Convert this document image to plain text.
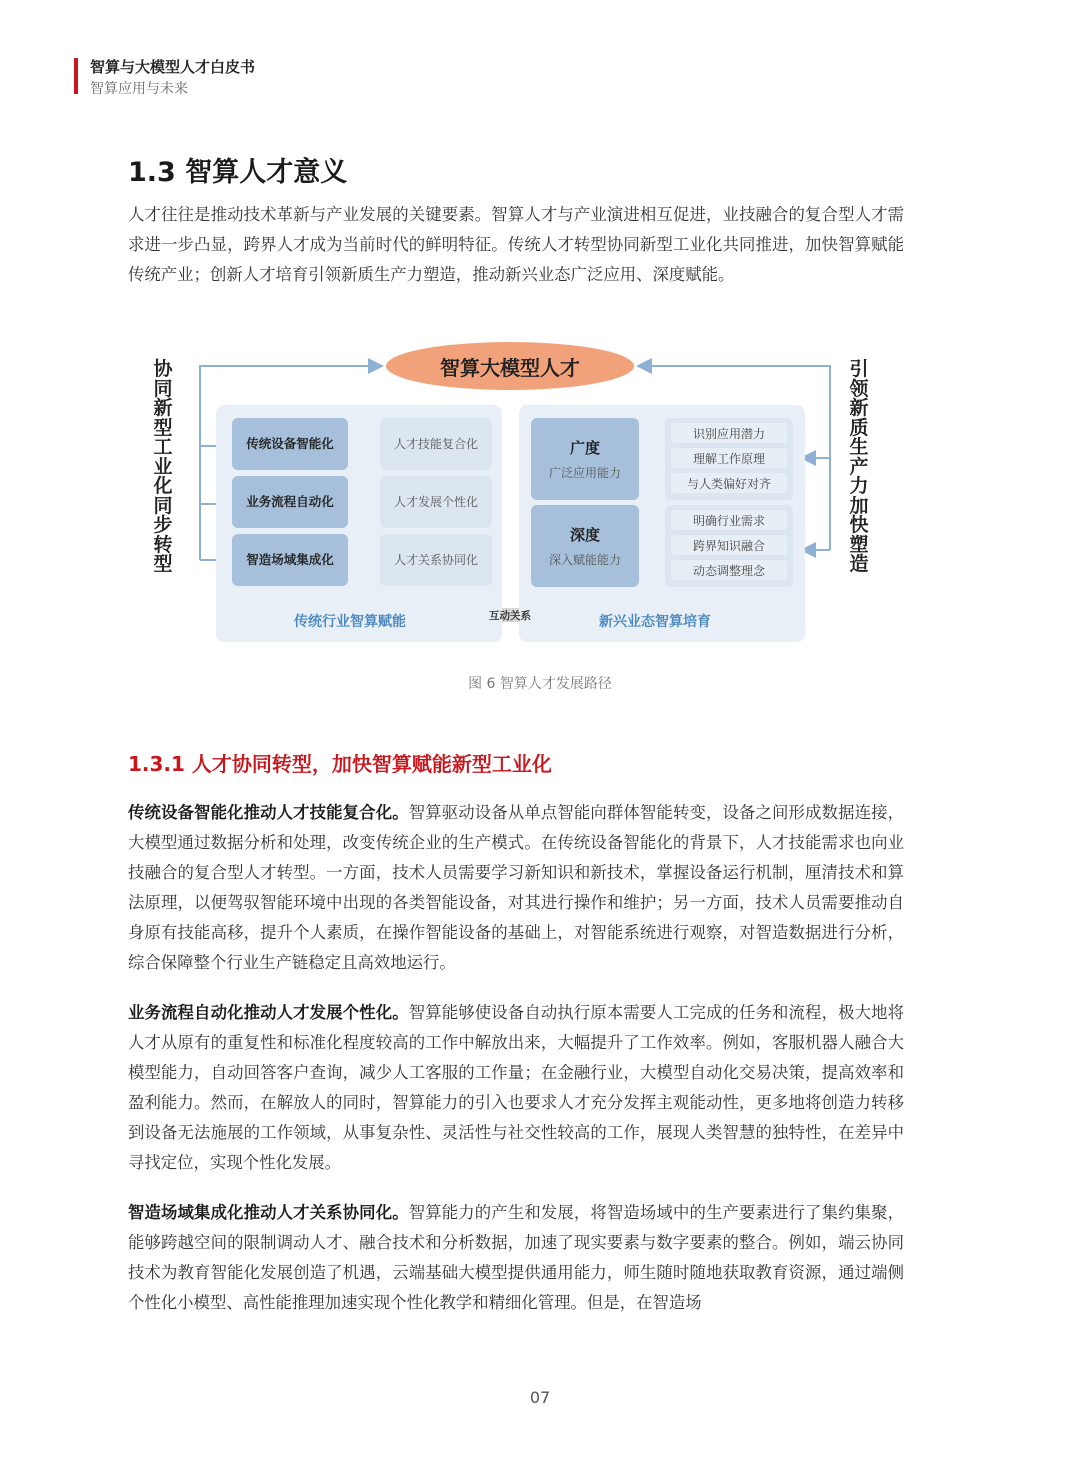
智算与大模型人才白皮书
智算应用与未来
1.3 智算人才意义

人才往往是推动技术革新与产业发展的关键要素。智算人才与产业演进相互促进，业技融合的复合型人才需求进一步凸显，跨界人才成为当前时代的鲜明特征。传统人才转型协同新型工业化共同推进，加快智算赋能传统产业；创新人才培育引领新质生产力塑造，推动新兴业态广泛应用、深度赋能。

协同新型工业化同步转型
引领新质生产力加快塑造
智算大模型人才
传统设备智能化	人才技能复合化
业务流程自动化	人才发展个性化
智造场域集成化	人才关系协同化
传统行业智算赋能
广度
广泛应用能力
识别应用潜力
理解工作原理
与人类偏好对齐
深度
深入赋能能力
明确行业需求
跨界知识融合
动态调整理念
新兴业态智算培育
互动关系
图 6 智算人才发展路径
1.3.1 人才协同转型，加快智算赋能新型工业化

传统设备智能化推动人才技能复合化。智算驱动设备从单点智能向群体智能转变，设备之间形成数据连接，大模型通过数据分析和处理，改变传统企业的生产模式。在传统设备智能化的背景下，人才技能需求也向业技融合的复合型人才转型。一方面，技术人员需要学习新知识和新技术，掌握设备运行机制，厘清技术和算法原理，以便驾驭智能环境中出现的各类智能设备，对其进行操作和维护；另一方面，技术人员需要推动自身原有技能高移，提升个人素质，在操作智能设备的基础上，对智能系统进行观察，对智造数据进行分析，综合保障整个行业生产链稳定且高效地运行。

业务流程自动化推动人才发展个性化。智算能够使设备自动执行原本需要人工完成的任务和流程，极大地将人才从原有的重复性和标准化程度较高的工作中解放出来，大幅提升了工作效率。例如，客服机器人融合大模型能力，自动回答客户查询，减少人工客服的工作量；在金融行业，大模型自动化交易决策，提高效率和盈利能力。然而，在解放人的同时，智算能力的引入也要求人才充分发挥主观能动性，更多地将创造力转移到设备无法施展的工作领域，从事复杂性、灵活性与社交性较高的工作，展现人类智慧的独特性，在差异中寻找定位，实现个性化发展。

智造场域集成化推动人才关系协同化。智算能力的产生和发展，将智造场域中的生产要素进行了集约集聚，能够跨越空间的限制调动人才、融合技术和分析数据，加速了现实要素与数字要素的整合。例如，端云协同技术为教育智能化发展创造了机遇，云端基础大模型提供通用能力，师生随时随地获取教育资源，通过端侧个性化小模型、高性能推理加速实现个性化教学和精细化管理。但是，在智造场

07
